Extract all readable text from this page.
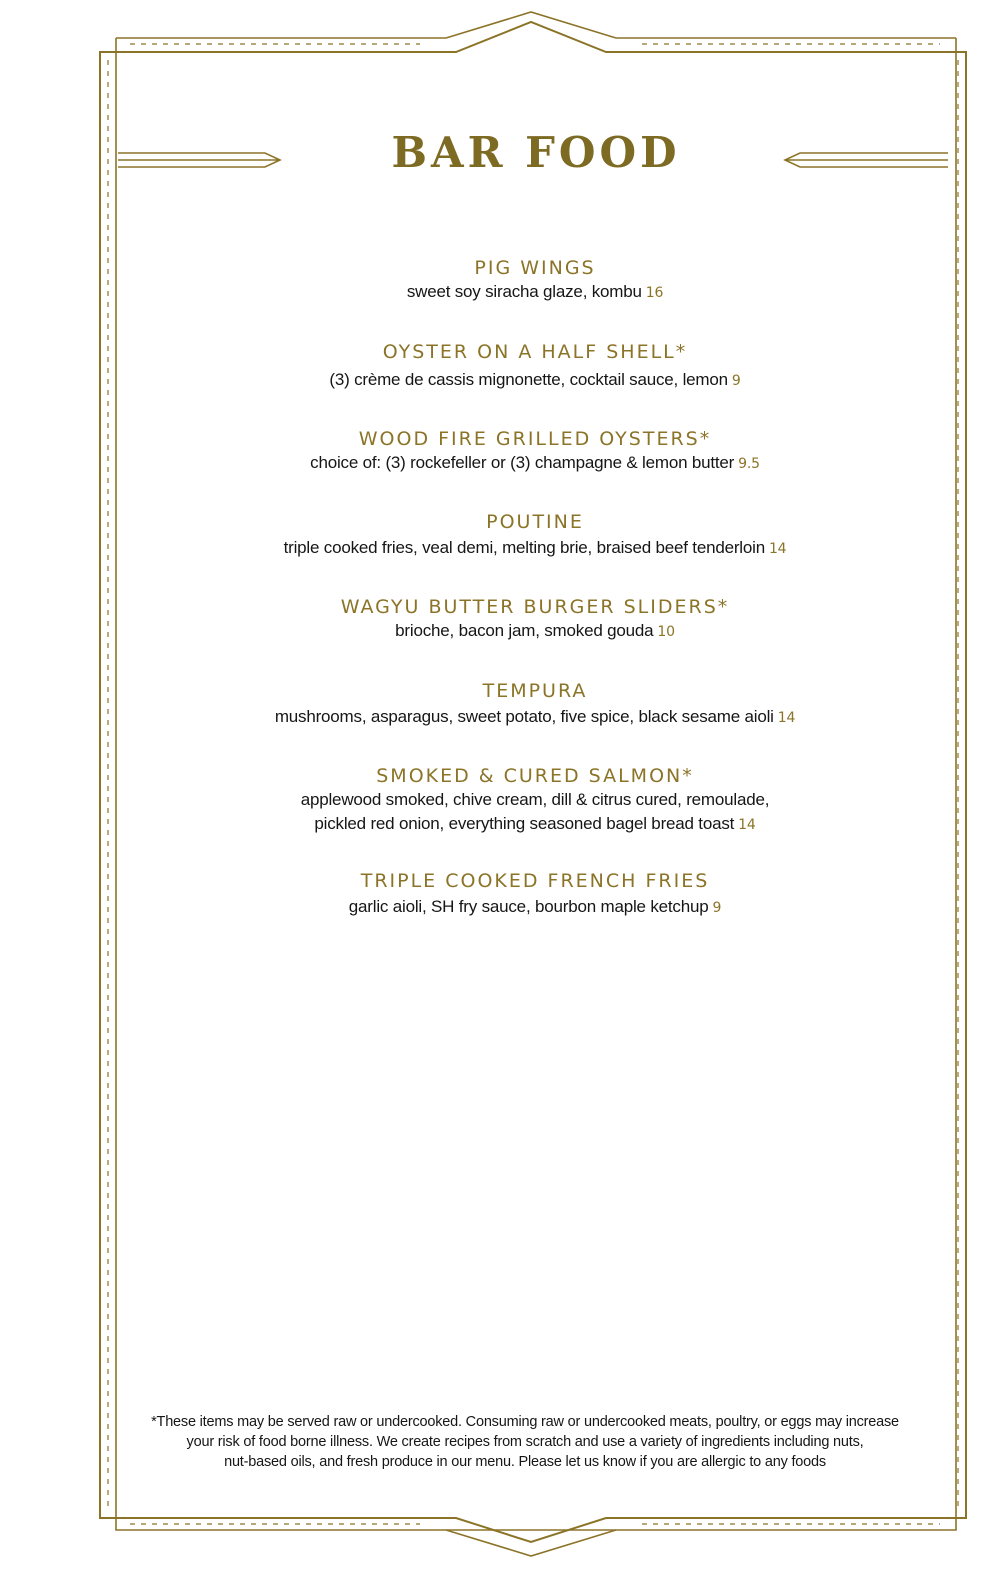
BAR FOOD
PIG WINGS
sweet soy siracha glaze, kombu 16
OYSTER ON A HALF SHELL*
(3) crème de cassis mignonette, cocktail sauce, lemon 9
WOOD FIRE GRILLED OYSTERS*
choice of: (3) rockefeller or (3) champagne & lemon butter 9.5
POUTINE
triple cooked fries, veal demi, melting brie, braised beef tenderloin 14
WAGYU BUTTER BURGER SLIDERS*
brioche, bacon jam, smoked gouda 10
TEMPURA
mushrooms, asparagus, sweet potato, five spice, black sesame aioli 14
SMOKED & CURED SALMON*
applewood smoked, chive cream, dill & citrus cured, remoulade,
pickled red onion, everything seasoned bagel bread toast 14
TRIPLE COOKED FRENCH FRIES
garlic aioli, SH fry sauce, bourbon maple ketchup 9
*These items may be served raw or undercooked. Consuming raw or undercooked meats, poultry, or eggs may increase
your risk of food borne illness. We create recipes from scratch and use a variety of ingredients including nuts,
nut-based oils, and fresh produce in our menu. Please let us know if you are allergic to any foods
